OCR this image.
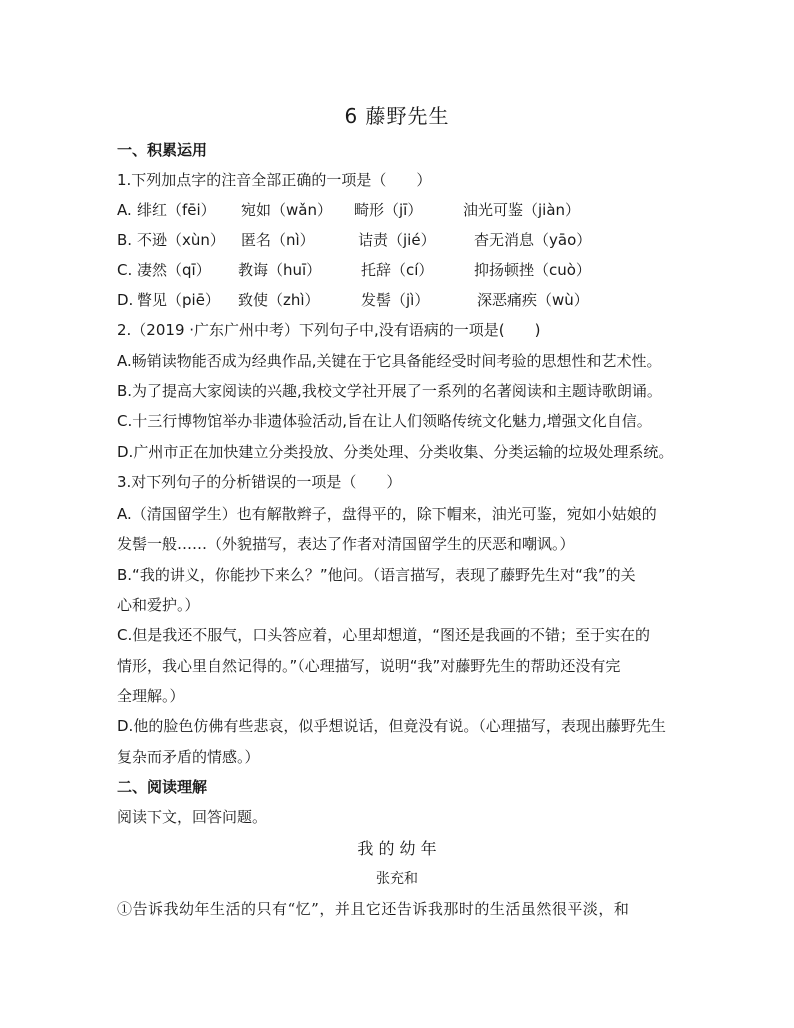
6 藤野先生
一、积累运用
1.下列加点字的注音全部正确的一项是（　　）
A. 绯红（fēi） 宛如（wǎn） 畸形（jī）	油光可鉴（jiàn）
B. 不逊（xùn） 匿名（nì）	诘责（jié）	杳无消息（yāo）
C. 凄然（qī） 教诲（huī）	托辞（cí）	抑扬顿挫（cuò）
D. 瞥见（piē） 致使（zhì）	发髻（jì）	深恶痛疾（wù）
2.（2019 ·广东广州中考）下列句子中,没有语病的一项是(　　)
A.畅销读物能否成为经典作品,关键在于它具备能经受时间考验的思想性和艺术性。
B.为了提高大家阅读的兴趣,我校文学社开展了一系列的名著阅读和主题诗歌朗诵。
C.十三行博物馆举办非遗体验活动,旨在让人们领略传统文化魅力,增强文化自信。
D.广州市正在加快建立分类投放、分类处理、分类收集、分类运输的垃圾处理系统。
3.对下列句子的分析错误的一项是（　　）
A.（清国留学生）也有解散辫子，盘得平的，除下帽来，油光可鉴，宛如小姑娘的
发髻一般……（外貌描写，表达了作者对清国留学生的厌恶和嘲讽。）
B.“我的讲义，你能抄下来么？”他问。（语言描写，表现了藤野先生对“我”的关
心和爱护。）
C.但是我还不服气，口头答应着，心里却想道，“图还是我画的不错；至于实在的
情形，我心里自然记得的。”（心理描写，说明“我”对藤野先生的帮助还没有完
全理解。）
D.他的脸色仿佛有些悲哀，似乎想说话，但竟没有说。（心理描写，表现出藤野先生
复杂而矛盾的情感。）
二、阅读理解
阅读下文，回答问题。
我 的 幼 年
张充和
①告诉我幼年生活的只有“忆”，并且它还告诉我那时的生活虽然很平淡，和
